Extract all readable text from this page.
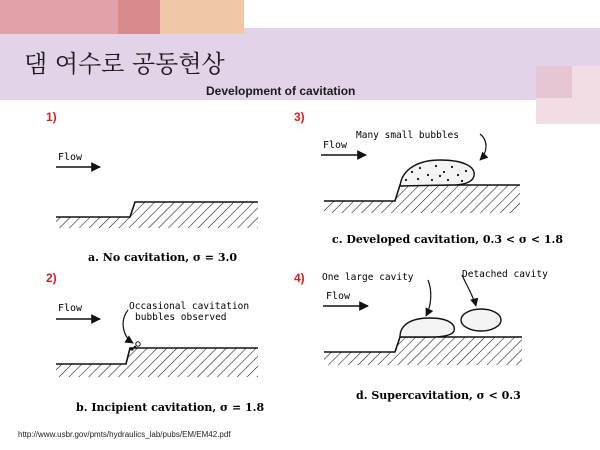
댐 여수로 공동현상
Development of cavitation
1)	3)
2)	4)
Flow
a. No cavitation, σ = 3.0
Flow	Occasional cavitation
bubbles observed
b. Incipient cavitation, σ = 1.8
Flow
Many small bubbles
c. Developed cavitation, 0.3 < σ < 1.8
Flow
One large cavity	Detached cavity
d. Supercavitation, σ < 0.3
http://www.usbr.gov/pmts/hydraulics_lab/pubs/EM/EM42.pdf
